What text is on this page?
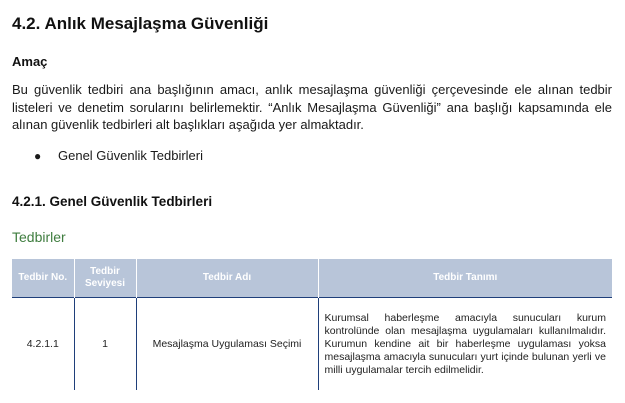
4.2. Anlık Mesajlaşma Güvenliği
Amaç
Bu güvenlik tedbiri ana başlığının amacı, anlık mesajlaşma güvenliği çerçevesinde ele alınan tedbir listeleri ve denetim sorularını belirlemektir. “Anlık Mesajlaşma Güvenliği” ana başlığı kapsamında ele alınan güvenlik tedbirleri alt başlıkları aşağıda yer almaktadır.
● Genel Güvenlik Tedbirleri
4.2.1. Genel Güvenlik Tedbirleri
Tedbirler
Tedbir No.	Tedbir Seviyesi	Tedbir Adı	Tedbir Tanımı
4.2.1.1	1	Mesajlaşma Uygulaması Seçimi	Kurumsal haberleşme amacıyla sunucuları kurum kontrolünde olan mesajlaşma uygulamaları kullanılmalıdır. Kurumun kendine ait bir haberleşme uygulaması yoksa mesajlaşma amacıyla sunucuları yurt içinde bulunan yerli ve milli uygulamalar tercih edilmelidir.
